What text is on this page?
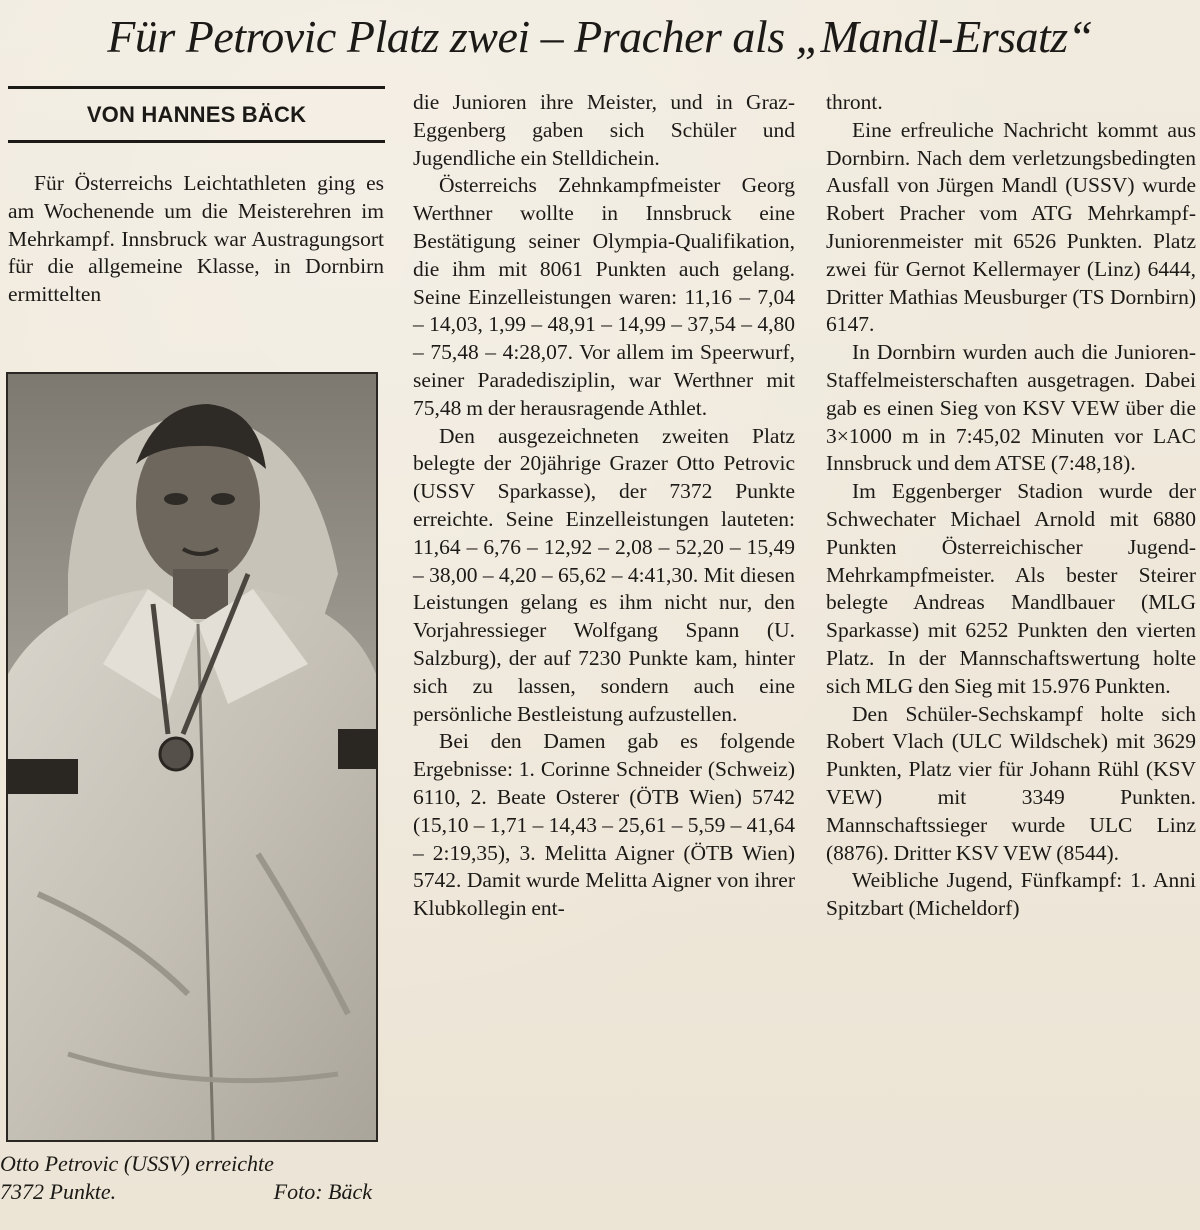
Für Petrovic Platz zwei – Pracher als „Mandl-Ersatz“
VON HANNES BÄCK

Für Österreichs Leichtathleten ging es am Wochenende um die Meisterehren im Mehrkampf. Innsbruck war Austragungsort für die allgemeine Klasse, in Dornbirn ermittelten

Otto Petrovic (USSV) erreichte
7372 Punkte.	Foto: Bäck

die Junioren ihre Meister, und in Graz-Eggenberg gaben sich Schüler und Jugendliche ein Stelldichein.

Österreichs Zehnkampfmeister Georg Werthner wollte in Innsbruck eine Bestätigung seiner Olympia-Qualifikation, die ihm mit 8061 Punkten auch gelang. Seine Einzelleistungen waren: 11,16 – 7,04 – 14,03, 1,99 – 48,91 – 14,99 – 37,54 – 4,80 – 75,48 – 4:28,07. Vor allem im Speerwurf, seiner Paradedisziplin, war Werthner mit 75,48 m der herausragende Athlet.

Den ausgezeichneten zweiten Platz belegte der 20jährige Grazer Otto Petrovic (USSV Sparkasse), der 7372 Punkte erreichte. Seine Einzelleistungen lauteten: 11,64 – 6,76 – 12,92 – 2,08 – 52,20 – 15,49 – 38,00 – 4,20 – 65,62 – 4:41,30. Mit diesen Leistungen gelang es ihm nicht nur, den Vorjahressieger Wolfgang Spann (U. Salzburg), der auf 7230 Punkte kam, hinter sich zu lassen, sondern auch eine persönliche Bestleistung aufzustellen.

Bei den Damen gab es folgende Ergebnisse: 1. Corinne Schneider (Schweiz) 6110, 2. Beate Osterer (ÖTB Wien) 5742 (15,10 – 1,71 – 14,43 – 25,61 – 5,59 – 41,64 – 2:19,35), 3. Melitta Aigner (ÖTB Wien) 5742. Damit wurde Melitta Aigner von ihrer Klubkollegin ent-

thront.

Eine erfreuliche Nachricht kommt aus Dornbirn. Nach dem verletzungsbedingten Ausfall von Jürgen Mandl (USSV) wurde Robert Pracher vom ATG Mehrkampf-Juniorenmeister mit 6526 Punkten. Platz zwei für Gernot Kellermayer (Linz) 6444, Dritter Mathias Meusburger (TS Dornbirn) 6147.

In Dornbirn wurden auch die Junioren-Staffelmeisterschaften ausgetragen. Dabei gab es einen Sieg von KSV VEW über die 3×1000 m in 7:45,02 Minuten vor LAC Innsbruck und dem ATSE (7:48,18).

Im Eggenberger Stadion wurde der Schwechater Michael Arnold mit 6880 Punkten Österreichischer Jugend-Mehrkampfmeister. Als bester Steirer belegte Andreas Mandlbauer (MLG Sparkasse) mit 6252 Punkten den vierten Platz. In der Mannschaftswertung holte sich MLG den Sieg mit 15.976 Punkten.

Den Schüler-Sechskampf holte sich Robert Vlach (ULC Wildschek) mit 3629 Punkten, Platz vier für Johann Rühl (KSV VEW) mit 3349 Punkten. Mannschaftssieger wurde ULC Linz (8876). Dritter KSV VEW (8544).

Weibliche Jugend, Fünfkampf: 1. Anni Spitzbart (Micheldorf)
